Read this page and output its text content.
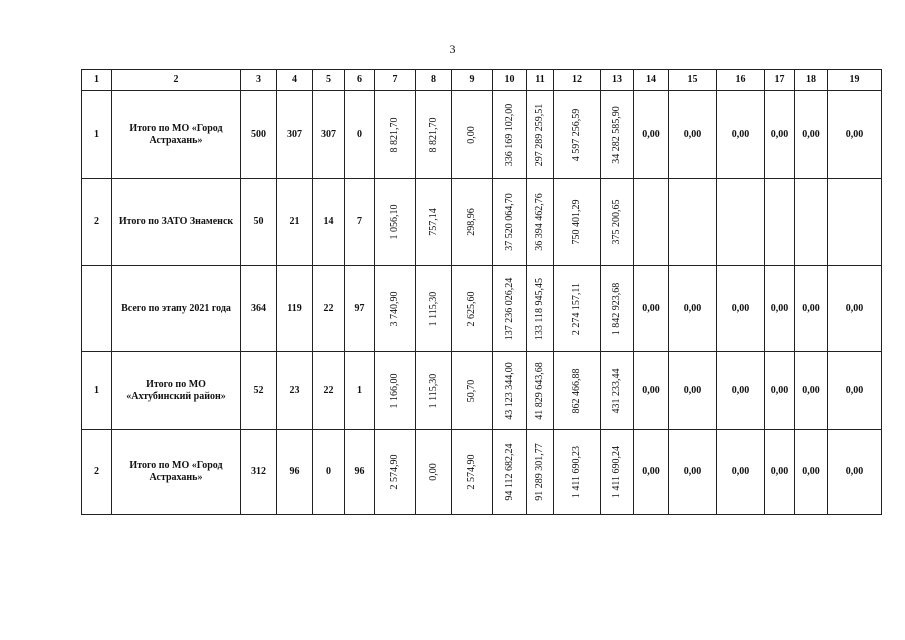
3
1	2	3	4	5	6	7	8	9	10	11	12	13	14	15	16	17	18	19
1	Итого по МО «Город Астрахань»	500	307	307	0	8 821,70	8 821,70	0,00	336 169 102,00	297 289 259,51	4 597 256,59	34 282 585,90	0,00	0,00	0,00	0,00	0,00	0,00
2	Итого по ЗАТО Знаменск	50	21	14	7	1 056,10	757,14	298,96	37 520 064,70	36 394 462,76	750 401,29	375 200,65						

	Всего по этапу 2021 года	364	119	22	97	3 740,90	1 115,30	2 625,60	137 236 026,24	133 118 945,45	2 274 157,11	1 842 923,68	0,00	0,00	0,00	0,00	0,00	0,00
1	Итого по МО «Ахтубинский район»	52	23	22	1	1 166,00	1 115,30	50,70	43 123 344,00	41 829 643,68	862 466,88	431 233,44	0,00	0,00	0,00	0,00	0,00	0,00
2	Итого по МО «Город Астрахань»	312	96	0	96	2 574,90	0,00	2 574,90	94 112 682,24	91 289 301,77	1 411 690,23	1 411 690,24	0,00	0,00	0,00	0,00	0,00	0,00
